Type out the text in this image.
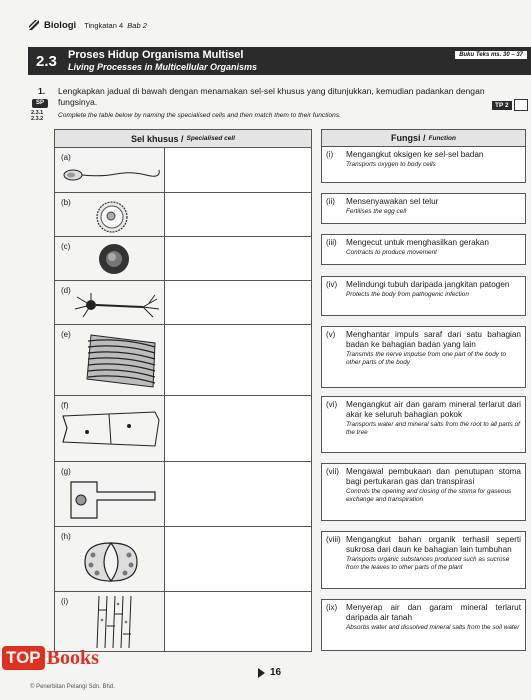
Biologi Tingkatan 4 Bab 2
2.3	Proses Hidup Organisma Multisel
Living Processes in Multicellular Organisms
Buku Teks ms. 30 – 37
1. Lengkapkan jadual di bawah dengan menamakan sel-sel khusus yang ditunjukkan, kemudian padankan dengan fungsinya.
Complete the table below by naming the specialised cells and then match them to their functions.
SP
2.3.1
2.3.2
TP 2
Sel khusus / Specialised cell
(a)
(b)
(c)
(d)
(e)
(f)
(g)
(h)
(i)
Fungsi / Function
(i) Mengangkut oksigen ke sel-sel badan
Transports oxygen to body cells
(ii) Mensenyawakan sel telur
Fertilises the egg cell
(iii) Mengecut untuk menghasilkan gerakan
Contracts to produce movement
(iv) Melindungi tubuh daripada jangkitan patogen
Protects the body from pathogenic infection
(v) Menghantar impuls saraf dari satu bahagian badan ke bahagian badan yang lain
Transmits the nerve impulse from one part of the body to other parts of the body
(vi) Mengangkut air dan garam mineral terlarut dari akar ke seluruh bahagian pokok
Transports water and mineral salts from the root to all parts of the tree
(vii) Mengawal pembukaan dan penutupan stoma bagi pertukaran gas dan transpirasi
Controls the opening and closing of the stoma for gaseous exchange and transpiration
(viii) Mengangkut bahan organik terhasil seperti sukrosa dari daun ke bahagian lain tumbuhan
Transports organic substances produced such as sucrose from the leaves to other parts of the plant
(ix) Menyerap air dan garam mineral terlarut daripada air tanah
Absorbs water and dissolved mineral salts from the soil water
TOP Books
16
© Penerbitan Pelangi Sdn. Bhd.
